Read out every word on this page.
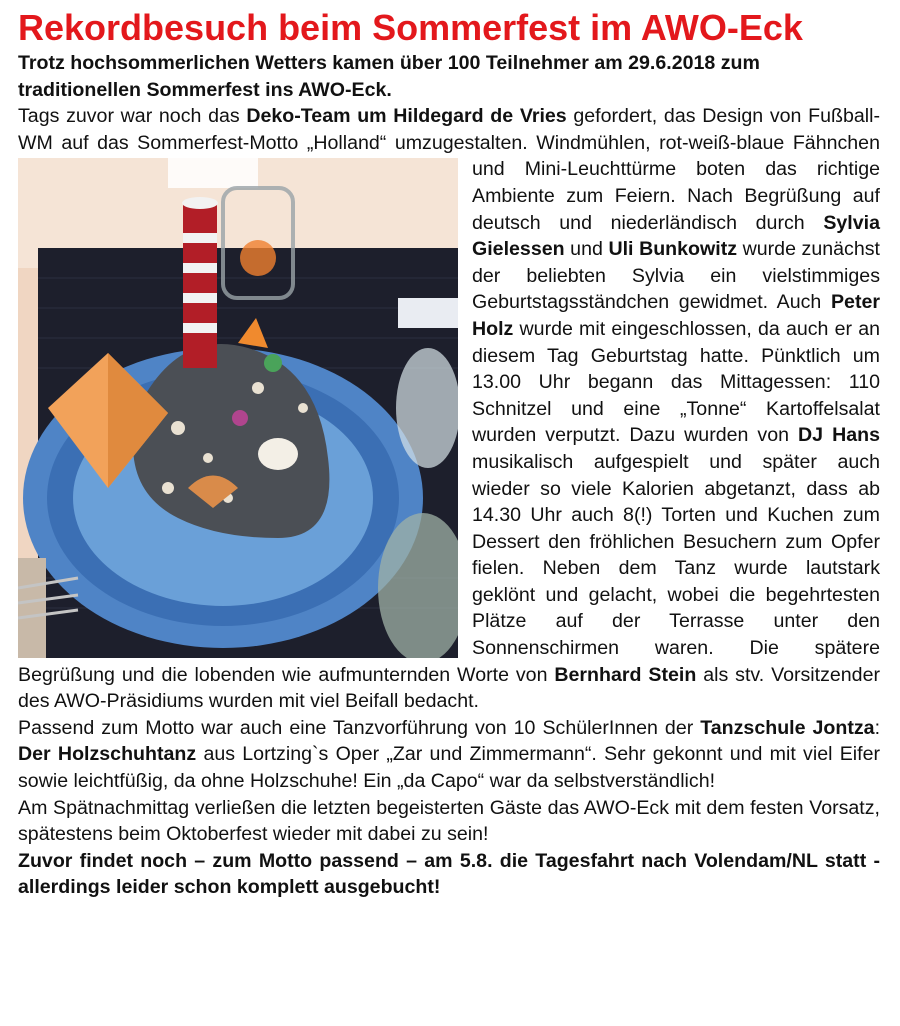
Rekordbesuch beim Sommerfest im AWO-Eck

Trotz hochsommerlichen Wetters kamen über 100 Teilnehmer am 29.6.2018 zum traditionellen Sommerfest ins AWO-Eck.

Tags zuvor war noch das Deko-Team um Hildegard de Vries gefordert, das Design von Fußball-WM auf das Sommerfest-Motto „Holland“ umzugestalten.
Windmühlen, rot-weiß-blaue Fähnchen und Mini-Leuchttürme boten das richtige Ambiente zum Feiern. Nach Begrüßung auf deutsch und niederländisch durch Sylvia Gielessen und Uli Bunkowitz wurde zunächst der beliebten Sylvia ein vielstimmiges Geburtstagsständchen gewidmet. Auch Peter Holz wurde mit eingeschlossen, da auch er an diesem Tag Geburtstag hatte. Pünktlich um 13.00 Uhr begann das Mittagessen: 110 Schnitzel und eine „Tonne“ Kartoffelsalat wurden verputzt. Dazu wurden von DJ Hans musikalisch aufgespielt und später auch wieder so viele Kalorien abgetanzt, dass ab 14.30 Uhr auch 8(!) Torten und Kuchen zum Dessert den fröhlichen Besuchern zum Opfer fielen. Neben dem Tanz wurde lautstark geklönt und gelacht, wobei die begehrtesten Plätze auf der Terrasse unter den Sonnenschirmen waren. Die spätere Begrüßung und die lobenden wie aufmunternden Worte von Bernhard Stein als stv. Vorsitzender des AWO-Präsidiums wurden mit viel Beifall bedacht.
Passend zum Motto war auch eine Tanzvorführung von 10 SchülerInnen der Tanzschule Jontza: Der Holzschuhtanz aus Lortzing`s Oper „Zar und Zimmermann“. Sehr gekonnt und mit viel Eifer sowie leichtfüßig, da ohne Holzschuhe! Ein „da Capo“ war da selbstverständlich!

Am Spätnachmittag verließen die letzten begeisterten Gäste das AWO-Eck mit dem festen Vorsatz, spätestens beim Oktoberfest wieder mit dabei zu sein!

Zuvor findet noch – zum Motto passend – am 5.8. die Tagesfahrt nach Volendam/NL statt - allerdings leider schon komplett ausgebucht!
